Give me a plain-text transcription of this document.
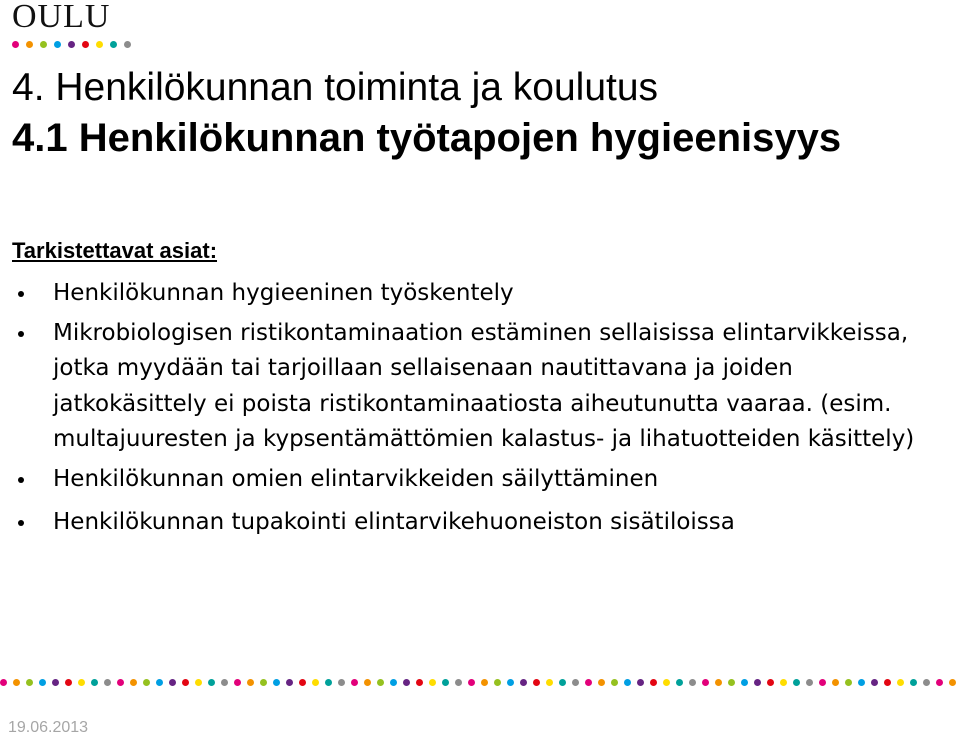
OULU
4. Henkilökunnan toiminta ja koulutus
4.1 Henkilökunnan työtapojen hygieenisyys
Tarkistettavat asiat:
Henkilökunnan hygieeninen työskentely
Mikrobiologisen ristikontaminaation estäminen sellaisissa elintarvikkeissa, jotka myydään tai tarjoillaan sellaisenaan nautittavana ja joiden jatkokäsittely ei poista ristikontaminaatiosta aiheutunutta vaaraa. (esim. multajuuresten ja kypsentämättömien kalastus- ja lihatuotteiden käsittely)
Henkilökunnan omien elintarvikkeiden säilyttäminen
Henkilökunnan tupakointi elintarvikehuoneiston sisätiloissa
19.06.2013
